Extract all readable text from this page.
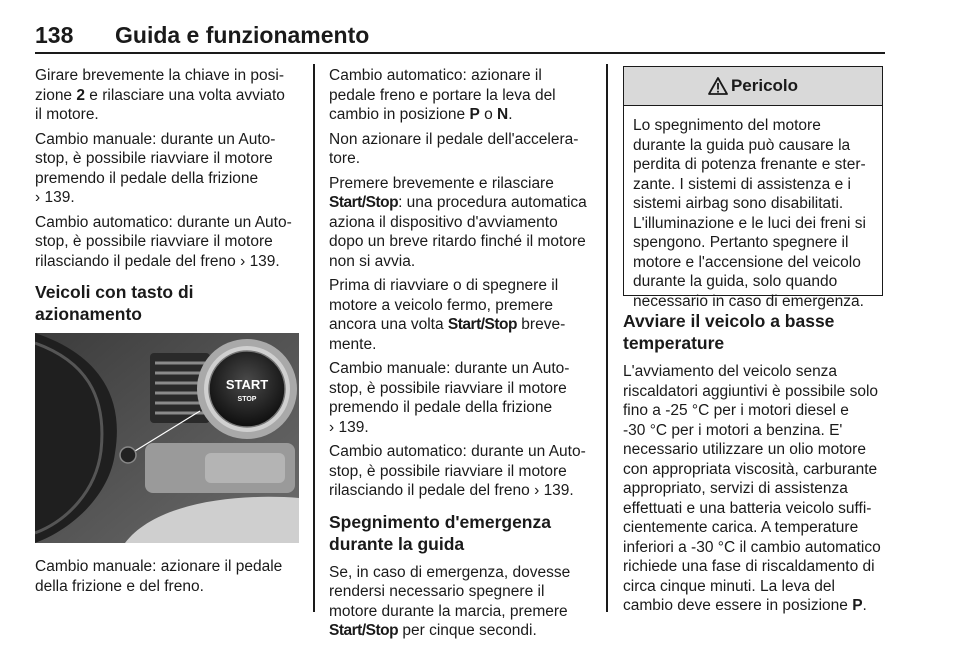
138 Guida e funzionamento

Girare brevemente la chiave in posi-
zione 2 e rilasciare una volta avviato
il motore.

Cambio manuale: durante un Auto-
stop, è possibile riavviare il motore
premendo il pedale della frizione
› 139.

Cambio automatico: durante un Auto-
stop, è possibile riavviare il motore
rilasciando il pedale del freno › 139.

Veicoli con tasto di azionamento

START
STOP

Cambio manuale: azionare il pedale
della frizione e del freno.

Cambio automatico: azionare il
pedale freno e portare la leva del
cambio in posizione P o N.

Non azionare il pedale dell'accelera-
tore.

Premere brevemente e rilasciare
Start/Stop: una procedura automatica
aziona il dispositivo d'avviamento
dopo un breve ritardo finché il motore
non si avvia.

Prima di riavviare o di spegnere il
motore a veicolo fermo, premere
ancora una volta Start/Stop breve-
mente.

Cambio manuale: durante un Auto-
stop, è possibile riavviare il motore
premendo il pedale della frizione
› 139.

Cambio automatico: durante un Auto-
stop, è possibile riavviare il motore
rilasciando il pedale del freno › 139.

Spegnimento d'emergenza
durante la guida

Se, in caso di emergenza, dovesse
rendersi necessario spegnere il
motore durante la marcia, premere
Start/Stop per cinque secondi.

Pericolo
Lo spegnimento del motore
durante la guida può causare la
perdita di potenza frenante e ster-
zante. I sistemi di assistenza e i
sistemi airbag sono disabilitati.
L'illuminazione e le luci dei freni si
spengono. Pertanto spegnere il
motore e l'accensione del veicolo
durante la guida, solo quando
necessario in caso di emergenza.

Avviare il veicolo a basse
temperature

L'avviamento del veicolo senza
riscaldatori aggiuntivi è possibile solo
fino a -25 °C per i motori diesel e
-30 °C per i motori a benzina. E'
necessario utilizzare un olio motore
con appropriata viscosità, carburante
appropriato, servizi di assistenza
effettuati e una batteria veicolo suffi-
cientemente carica. A temperature
inferiori a -30 °C il cambio automatico
richiede una fase di riscaldamento di
circa cinque minuti. La leva del
cambio deve essere in posizione P.
